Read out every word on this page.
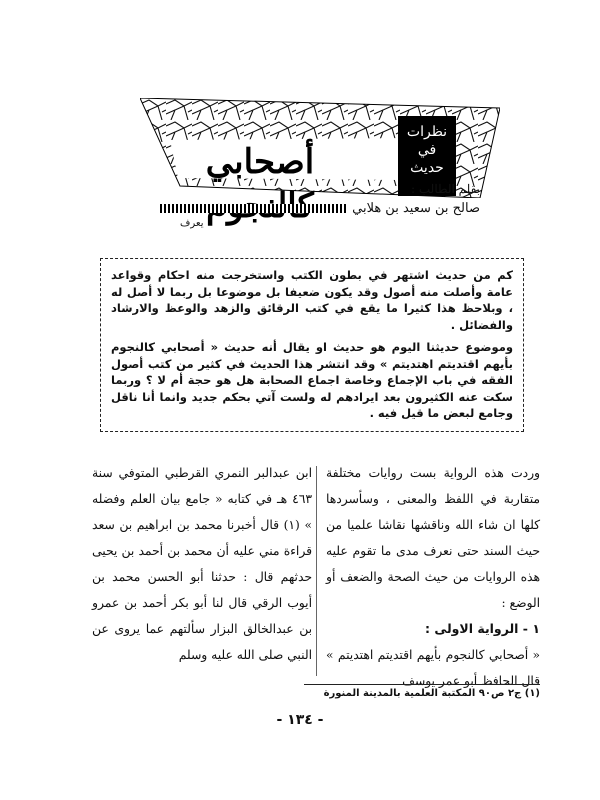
أصحابي
نظرات
في
حديث
بقلم الطالب :
صالح بن سعيد بن هلابي
يعرف

كم من حديث اشتهر في بطون الكتب واستخرجت منه احكام وقواعد عامة وأصلت منه أصول وقد يكون ضعيفا بل موضوعا بل ربما لا أصل له ، وبلاحظ هذا كثيرا ما يقع في كتب الرقائق والزهد والوعظ والارشاد والفضائل .

وموضوع حديثنا اليوم هو حديث او يقال أنه حديث « أصحابي كالنجوم بأيهم اقتديتم اهتديتم » وقد انتشر هذا الحديث في كثير من كتب أصول الفقه في باب الإجماع وخاصة اجماع الصحابة هل هو حجة أم لا ؟ وربما سكت عنه الكثيرون بعد ايرادهم له ولست آتي بحكم جديد وانما أنا ناقل وجامع لبعض ما قيل فيه .

وردت هذه الرواية بست روايات مختلفة متقاربة في اللفظ والمعنى ، وسأسردها كلها ان شاء الله وناقشها نقاشا علميا من حيث السند حتى نعرف مدى ما تقوم عليه هذه الروايات من حيث الصحة والضعف أو الوضع :

١ - الرواية الاولى :

« أصحابي كالنجوم بأيهم اقتديتم اهتديتم » قال الحافظ أبو عمر يوسف

ابن عبدالبر النمري القرطبي المتوفي سنة ٤٦٣ هـ في كتابه « جامع بيان العلم وفضله » (١) قال أخبرنا محمد بن ابراهيم بن سعد قراءة مني عليه أن محمد بن أحمد بن يحيى حدثهم قال : حدثنا أبو الحسن محمد بن أيوب الرقي قال لنا أبو بكر أحمد بن عمرو بن عبدالخالق البزار سألتهم عما يروى عن النبي صلى الله عليه وسلم

(١) ج٢ ص٩٠ المكتبة العلمية بالمدينة المنورة
- ١٣٤ -
